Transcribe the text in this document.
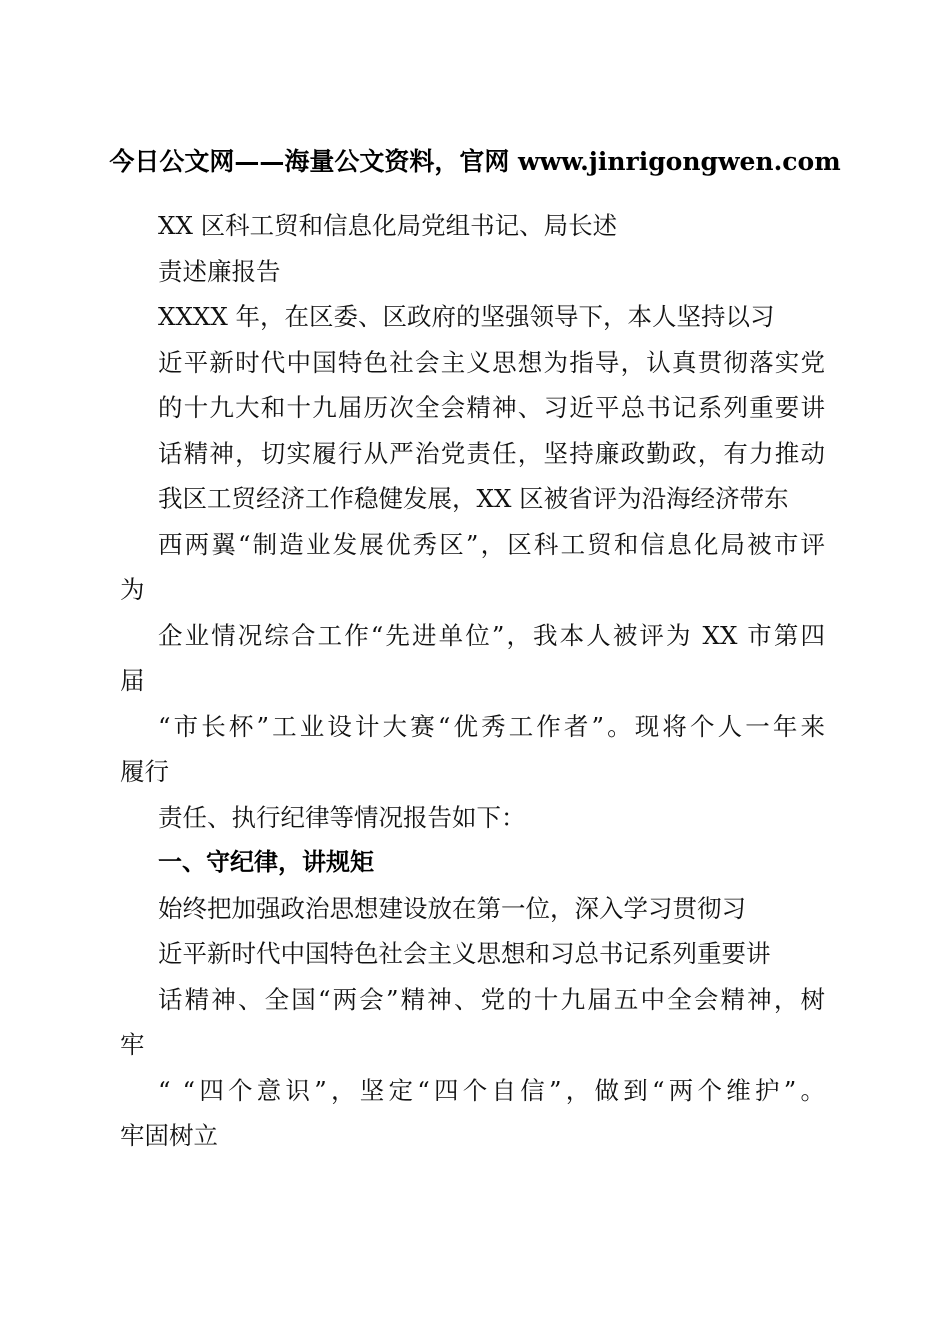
今日公文网——海量公文资料，官网 www.jinrigongwen.com
XX 区科工贸和信息化局党组书记、局长述
责述廉报告
XXXX 年，在区委、区政府的坚强领导下，本人坚持以习
近平新时代中国特色社会主义思想为指导，认真贯彻落实党
的十九大和十九届历次全会精神、习近平总书记系列重要讲
话精神，切实履行从严治党责任，坚持廉政勤政，有力推动
我区工贸经济工作稳健发展，XX 区被省评为沿海经济带东
西两翼“制造业发展优秀区”，区科工贸和信息化局被市评
为
企业情况综合工作“先进单位”，我本人被评为 XX 市第四
届
“市长杯”工业设计大赛“优秀工作者”。现将个人一年来
履行
责任、执行纪律等情况报告如下：
一、守纪律，讲规矩
始终把加强政治思想建设放在第一位，深入学习贯彻习
近平新时代中国特色社会主义思想和习总书记系列重要讲
话精神、全国“两会”精神、党的十九届五中全会精神，树
牢
“ “四个意识”，坚定“四个自信”，做到“两个维护”。
牢固树立
